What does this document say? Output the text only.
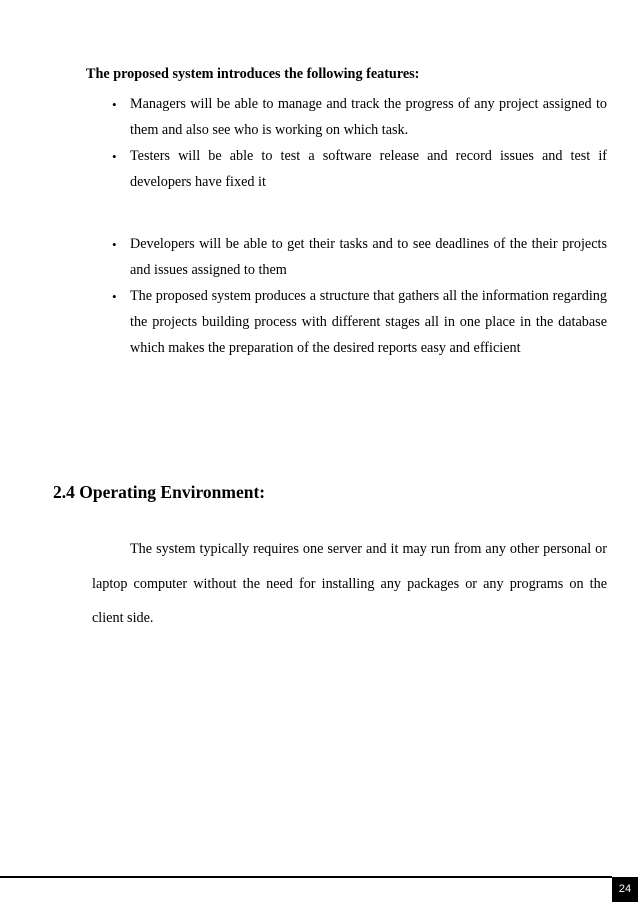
The proposed system introduces the following features:
• Managers will be able to manage and track the progress of any project assigned to them and also see who is working on which task.
• Testers will be able to test a software release and record issues and test if developers have fixed it
• Developers will be able to get their tasks and to see deadlines of the their projects and issues assigned to them
• The proposed system produces a structure that gathers all the information regarding the projects building process with different stages all in one place in the database which makes the preparation of the desired reports easy and efficient
2.4 Operating Environment:
The system typically requires one server and it may run from any other personal or laptop computer without the need for installing any packages or any programs on the client side.
24
